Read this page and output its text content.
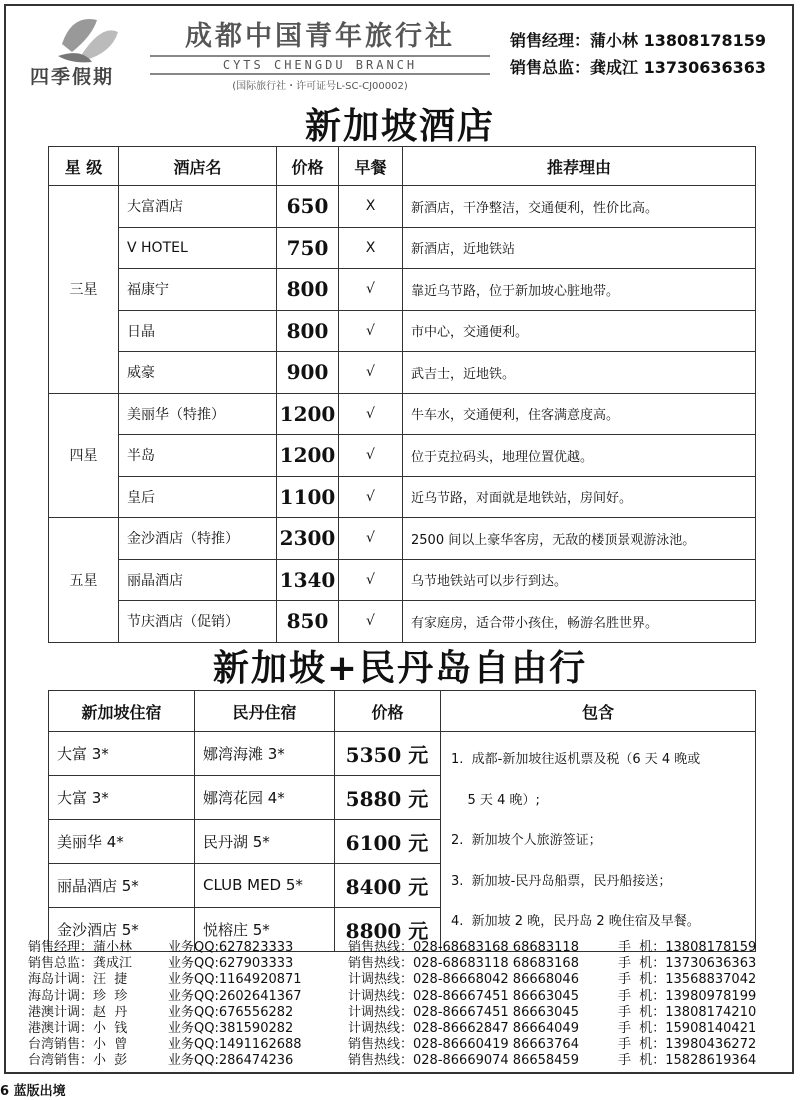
四季假期
成都中国青年旅行社
CYTS CHENGDU BRANCH
(国际旅行社・许可证号L-SC-CJ00002)
销售经理：蒲小林 13808178159
销售总监：龚成江 13730636363
新加坡酒店
星 级	酒店名	价格	早餐	推荐理由
三星	大富酒店	650	X	新酒店，干净整洁，交通便利，性价比高。
	V HOTEL	750	X	新酒店，近地铁站
	福康宁	800	√	靠近乌节路，位于新加坡心脏地带。
	日晶	800	√	市中心，交通便利。
	威豪	900	√	武吉士，近地铁。
四星	美丽华（特推）	1200	√	牛车水，交通便利，住客满意度高。
	半岛	1200	√	位于克拉码头，地理位置优越。
	皇后	1100	√	近乌节路，对面就是地铁站，房间好。
五星	金沙酒店（特推）	2300	√	2500 间以上豪华客房，无敌的楼顶景观游泳池。
	丽晶酒店	1340	√	乌节地铁站可以步行到达。
	节庆酒店（促销）	850	√	有家庭房，适合带小孩住，畅游名胜世界。
新加坡+民丹岛自由行
新加坡住宿	民丹住宿	价格	包含
大富 3*	娜湾海滩 3*	5350 元	1.  成都-新加坡往返机票及税（6 天 4 晚或

5 天 4 晚）;

2.  新加坡个人旅游签证；

3.  新加坡-民丹岛船票，民丹船接送；

4.  新加坡 2 晚，民丹岛 2 晚住宿及早餐。

大富 3*	娜湾花园 4*	5880 元	
美丽华 4*	民丹湖 5*	6100 元	
丽晶酒店 5*	CLUB MED 5*	8400 元	
金沙酒店 5*	悦榕庄 5*	8800 元	
销售经理：蒲小林	业务QQ:627823333	销售热线：028-68683168 68683118	手  机：13808178159
销售总监：龚成江	业务QQ:627903333	销售热线：028-68683118 68683168	手  机：13730636363
海岛计调：汪  捷	业务QQ:1164920871	计调热线：028-86668042 86668046	手  机：13568837042
海岛计调：珍  珍	业务QQ:2602641367	计调热线：028-86667451 86663045	手  机：13980978199
港澳计调：赵  丹	业务QQ:676556282	计调热线：028-86667451 86663045	手  机：13808174210
港澳计调：小  钱	业务QQ:381590282	计调热线：028-86662847 86664049	手  机：15908140421
台湾销售：小  曾	业务QQ:1491162688	销售热线：028-86660419 86663764	手  机：13980436272
台湾销售：小  彭	业务QQ:286474236	销售热线：028-86669074 86658459	手  机：15828619364
6 蓝版出境
